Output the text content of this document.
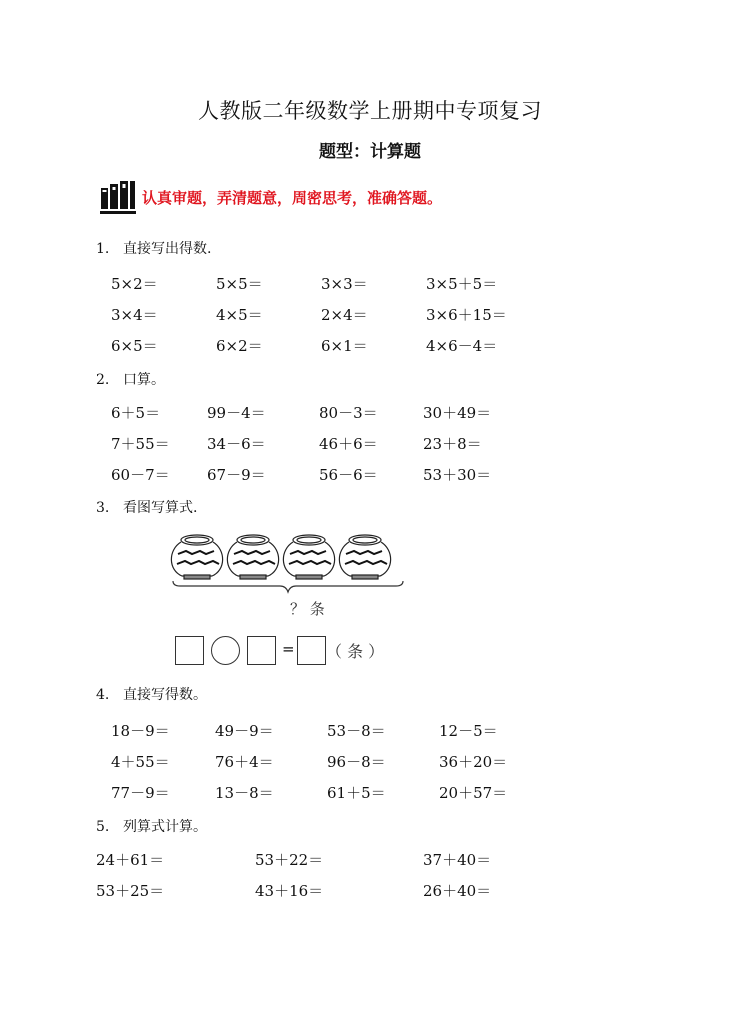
人教版二年级数学上册期中专项复习
题型：计算题
认真审题，弄清题意，周密思考，准确答题。
1. 直接写出得数.
5×2＝	5×5＝	3×3＝	3×5＋5＝
3×4＝	4×5＝	2×4＝	3×6＋15＝
6×5＝	6×2＝	6×1＝	4×6－4＝
2. 口算。
6＋5＝	99－4＝	80－3＝	30＋49＝
7＋55＝ 34－6＝	46＋6＝	23＋8＝
60－7＝ 67－9＝	56－6＝	53＋30＝
3. 看图写算式.
？ 条
= （ 条 ）
4. 直接写得数。
18－9＝	49－9＝	53－8＝	12－5＝
4＋55＝	76＋4＝	96－8＝	36＋20＝
77－9＝	13－8＝	61＋5＝	20＋57＝
5. 列算式计算。
24＋61＝	53＋22＝	37＋40＝
53＋25＝	43＋16＝	26＋40＝
